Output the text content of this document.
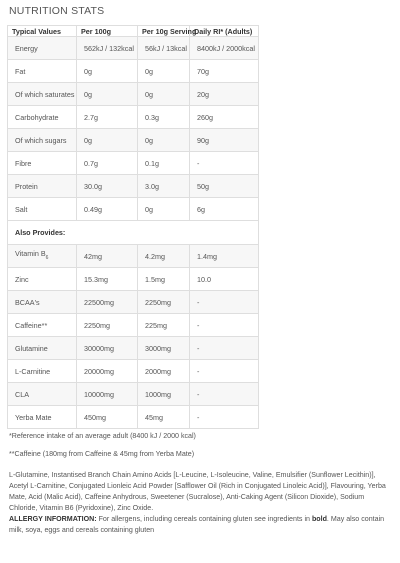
NUTRITION STATS
Typical Values	Per 100g	Per 10g Serving	Daily RI* (Adults)
Energy	562kJ / 132kcal	56kJ / 13kcal	8400kJ / 2000kcal
Fat	0g	0g	70g
Of which saturates	0g	0g	20g
Carbohydrate	2.7g	0.3g	260g
Of which sugars	0g	0g	90g
Fibre	0.7g	0.1g	-
Protein	30.0g	3.0g	50g
Salt	0.49g	0g	6g
Also Provides:			
Vitamin $B_6$	42mg	4.2mg	1.4mg
Zinc	15.3mg	1.5mg	10.0
BCAA's	22500mg	2250mg	-
Caffeine**	2250mg	225mg	-
Glutamine	30000mg	3000mg	-
L-Carnitine	20000mg	2000mg	-
CLA	10000mg	1000mg	-
Yerba Mate	450mg	45mg	-
*Reference intake of an average adult (8400 kJ / 2000 kcal)
**Caffeine (180mg from Caffeine & 45mg from Yerba Mate)
L-Glutamine, Instantised Branch Chain Amino Acids [L-Leucine, L-Isoleucine, Valine, Emulsifier (Sunflower Lecithin)], Acetyl L-Carnitine, Conjugated Lionleic Acid Powder [Safflower Oil (Rich in Conjugated Linoleic Acid)], Flavouring, Yerba Mate, Acid (Malic Acid), Caffeine Anhydrous, Sweetener (Sucralose), Anti-Caking Agent (Silicon Dioxide), Sodium Chloride, Vitamin B6 (Pyridoxine), Zinc Oxide.
ALLERGY INFORMATION: For allergens, including cereals containing gluten see ingredients in bold. May also contain milk, soya, eggs and cereals containing gluten
